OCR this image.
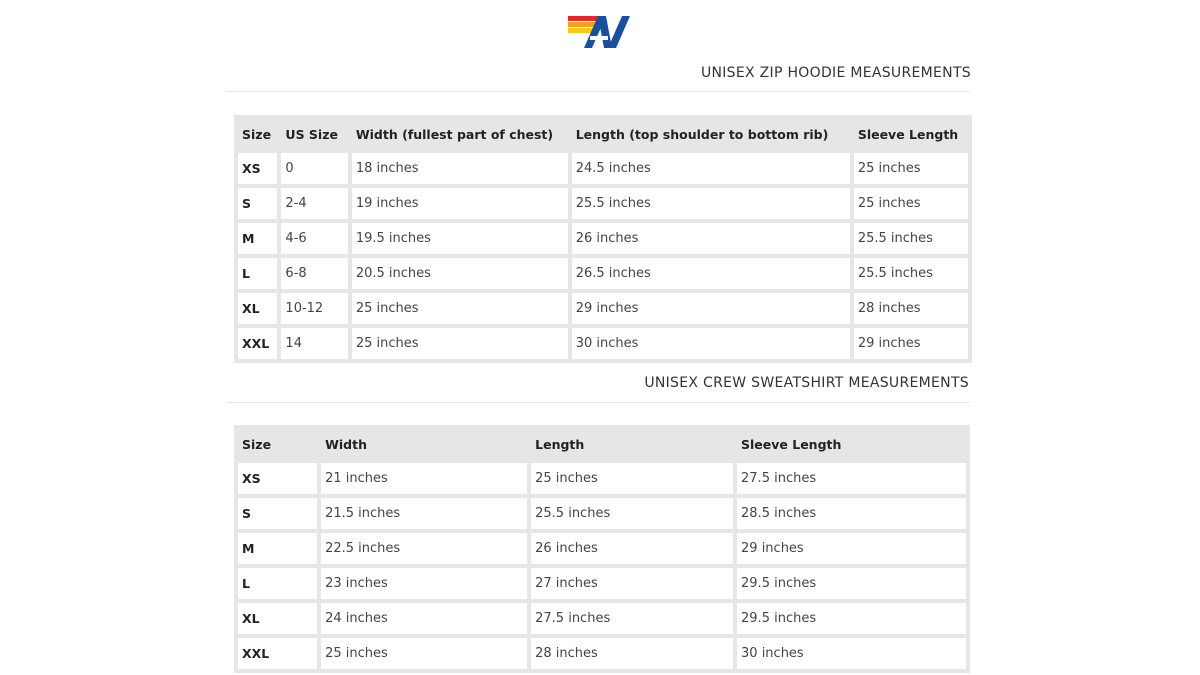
UNISEX ZIP HOODIE MEASUREMENTS
Size	US Size	Width (fullest part of chest)	Length (top shoulder to bottom rib)	Sleeve Length
XS	0	18 inches	24.5 inches	25 inches
S	2-4	19 inches	25.5 inches	25 inches
M	4-6	19.5 inches	26 inches	25.5 inches
L	6-8	20.5 inches	26.5 inches	25.5 inches
XL	10-12	25 inches	29 inches	28 inches
XXL	14	25 inches	30 inches	29 inches
UNISEX CREW SWEATSHIRT MEASUREMENTS
Size	Width	Length	Sleeve Length
XS	21 inches	25 inches	27.5 inches
S	21.5 inches	25.5 inches	28.5 inches
M	22.5 inches	26 inches	29 inches
L	23 inches	27 inches	29.5 inches
XL	24 inches	27.5 inches	29.5 inches
XXL	25 inches	28 inches	30 inches
